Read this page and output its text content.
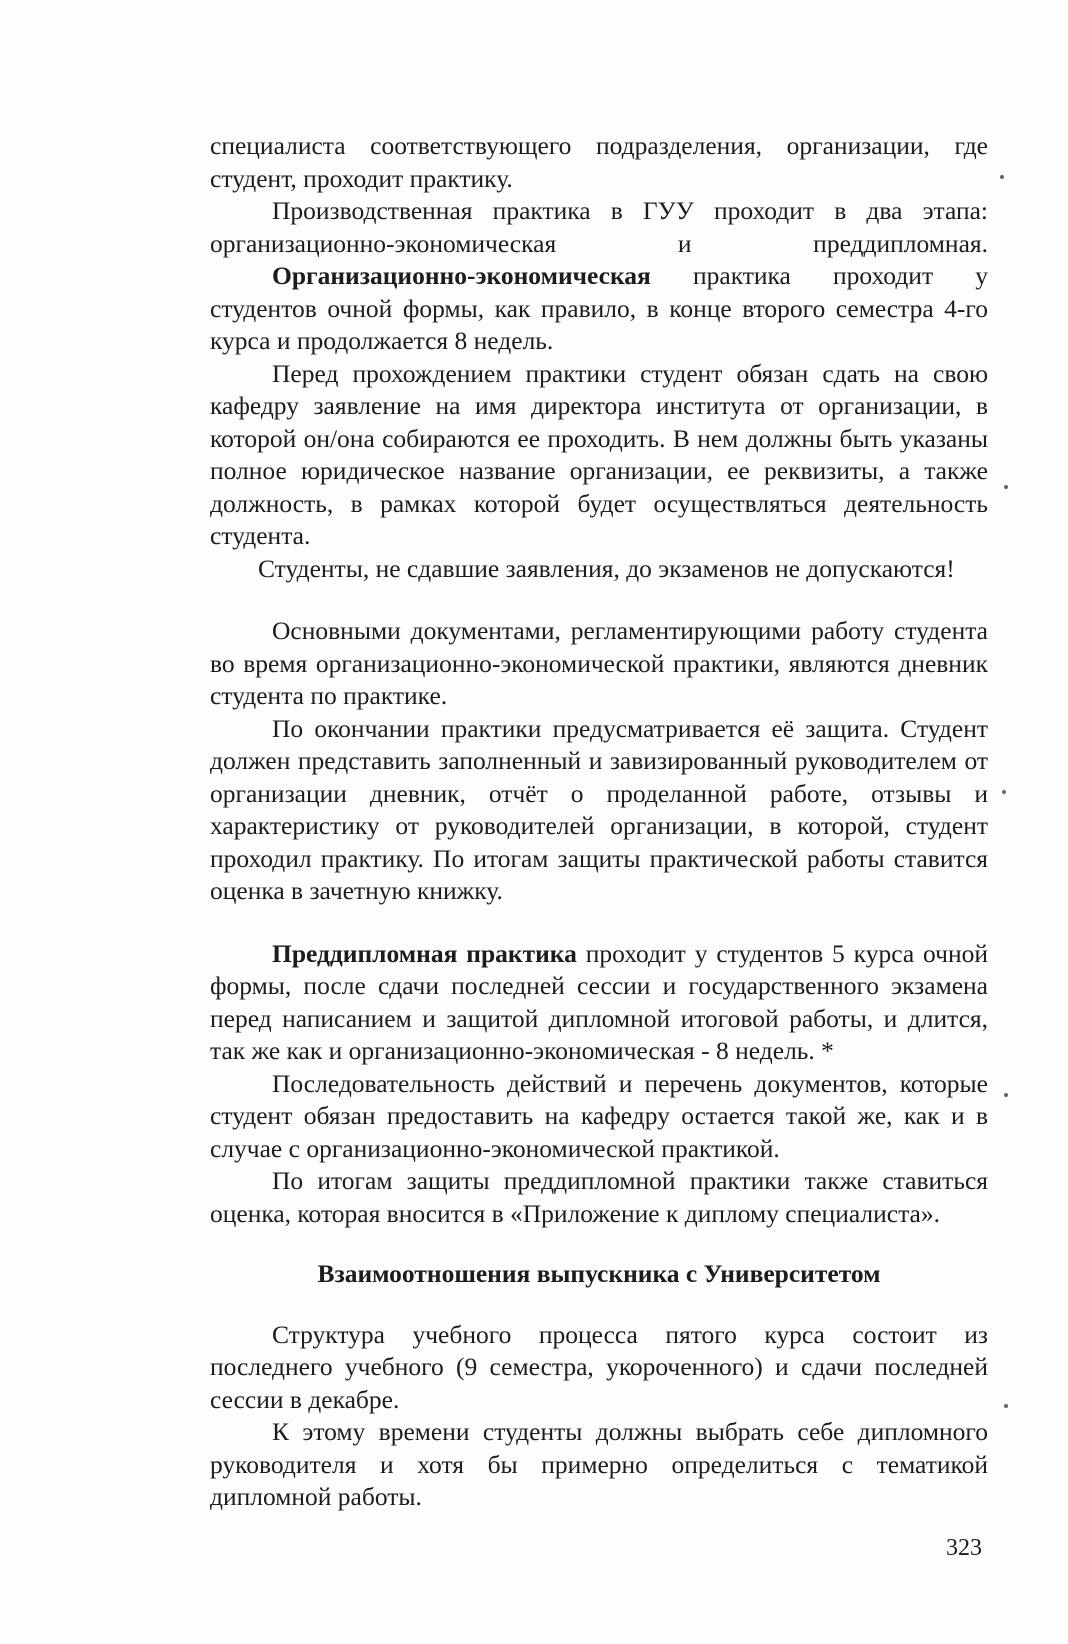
специалиста соответствующего подразделения, организации, где студент, проходит практику.

Производственная практика в ГУУ проходит в два этапа:

организационно-экономическая и преддипломная.

Организационно-экономическая практика проходит у студентов очной формы, как правило, в конце второго семестра 4-го курса и продолжается 8 недель.

Перед прохождением практики студент обязан сдать на свою кафедру заявление на имя директора института от организации, в которой он/она собираются ее проходить. В нем должны быть указаны полное юридическое название организации, ее реквизиты, а также должность, в рамках которой будет осуществляться деятельность студента.

Студенты, не сдавшие заявления, до экзаменов не допускаются!

Основными документами, регламентирующими работу студента во время организационно-экономической практики, являются дневник студента по практике.

По окончании практики предусматривается её защита. Студент должен представить заполненный и завизированный руководителем от организации дневник, отчёт о проделанной работе, отзывы и характеристику от руководителей организации, в которой, студент проходил практику. По итогам защиты практической работы ставится оценка в зачетную книжку.

Преддипломная практика проходит у студентов 5 курса очной формы, после сдачи последней сессии и государственного экзамена перед написанием и защитой дипломной итоговой работы, и длится, так же как и организационно-экономическая - 8 недель. *

Последовательность действий и перечень документов, которые студент обязан предоставить на кафедру остается такой же, как и в случае с организационно-экономической практикой.

По итогам защиты преддипломной практики также ставиться оценка, которая вносится в «Приложение к диплому специалиста».

Взаимоотношения выпускника с Университетом

Структура учебного процесса пятого курса состоит из последнего учебного (9 семестра, укороченного) и сдачи последней сессии в декабре.

К этому времени студенты должны выбрать себе дипломного руководителя и хотя бы примерно определиться с тематикой дипломной работы.

323
